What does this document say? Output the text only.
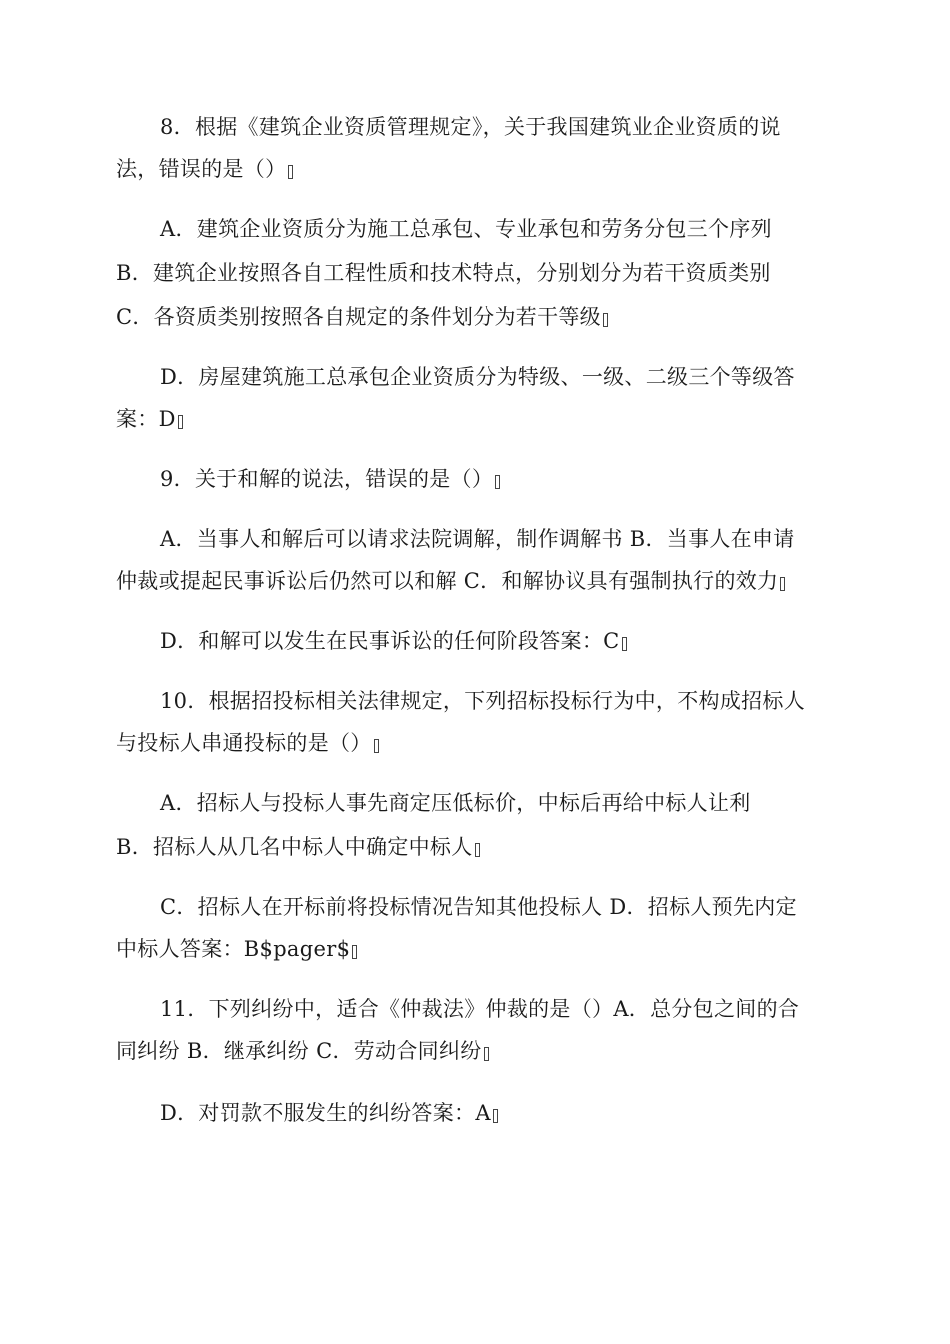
8．根据《建筑企业资质管理规定》，关于我国建筑业企业资质的说
法，错误的是（）
A．建筑企业资质分为施工总承包、专业承包和劳务分包三个序列
B．建筑企业按照各自工程性质和技术特点，分别划分为若干资质类别
C．各资质类别按照各自规定的条件划分为若干等级
D．房屋建筑施工总承包企业资质分为特级、一级、二级三个等级答
案：D
9．关于和解的说法，错误的是（）
A．当事人和解后可以请求法院调解，制作调解书 B．当事人在申请
仲裁或提起民事诉讼后仍然可以和解 C．和解协议具有强制执行的效力
D．和解可以发生在民事诉讼的任何阶段答案：C
10．根据招投标相关法律规定，下列招标投标行为中，不构成招标人
与投标人串通投标的是（）
A．招标人与投标人事先商定压低标价，中标后再给中标人让利
B．招标人从几名中标人中确定中标人
C．招标人在开标前将投标情况告知其他投标人 D．招标人预先内定
中标人答案：B$pager$
11．下列纠纷中，适合《仲裁法》仲裁的是（）A．总分包之间的合
同纠纷 B．继承纠纷 C．劳动合同纠纷
D．对罚款不服发生的纠纷答案：A
